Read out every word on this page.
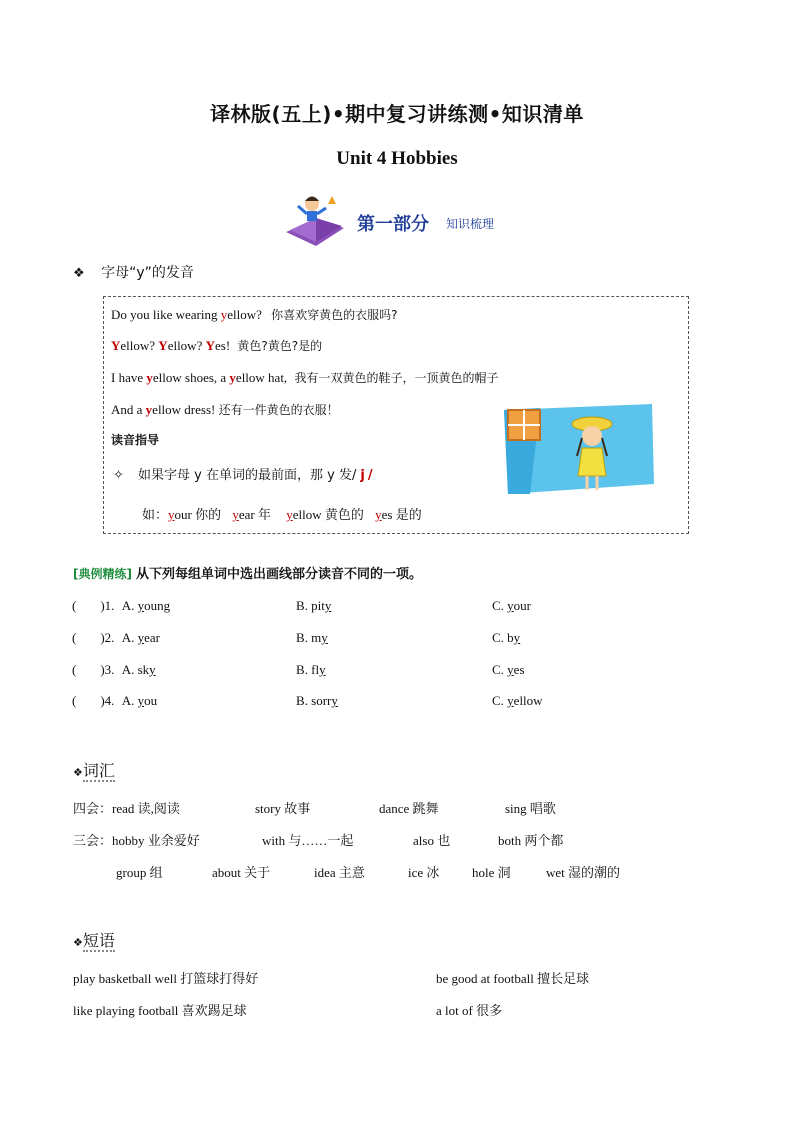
译林版(五上)•期中复习讲练测•知识清单
Unit 4 Hobbies
第一部分 知识梳理
❖ 字母“y”的发音
Do you like wearing yellow? 你喜欢穿黄色的衣服吗?
Yellow? Yellow? Yes! 黄色?黄色?是的
I have yellow shoes, a yellow hat, 我有一双黄色的鞋子，一顶黄色的帽子
And a yellow dress! 还有一件黄色的衣服！
读音指导
✧ 如果字母 y 在单词的最前面，那 y 发/ j /
如：your 你的 year 年 yellow 黄色的 yes 是的
[典例精练] 从下列每组单词中选出画线部分读音不同的一项。
( )1. A. young	B. pity	C. your
( )2. A. year	B. my	C. by
( )3. A. sky	B. fly	C. yes
( )4. A. you	B. sorry	C. yellow
❖词汇
四会：read 读,阅读	story 故事	dance 跳舞	sing 唱歌
三会：hobby 业余爱好	with 与……一起	also 也	both 两个都
group 组	about 关于	idea 主意	ice 冰	hole 洞	wet 湿的潮的
❖短语
play basketball well 打篮球打得好	be good at football 擅长足球
like playing football 喜欢踢足球	a lot of 很多
